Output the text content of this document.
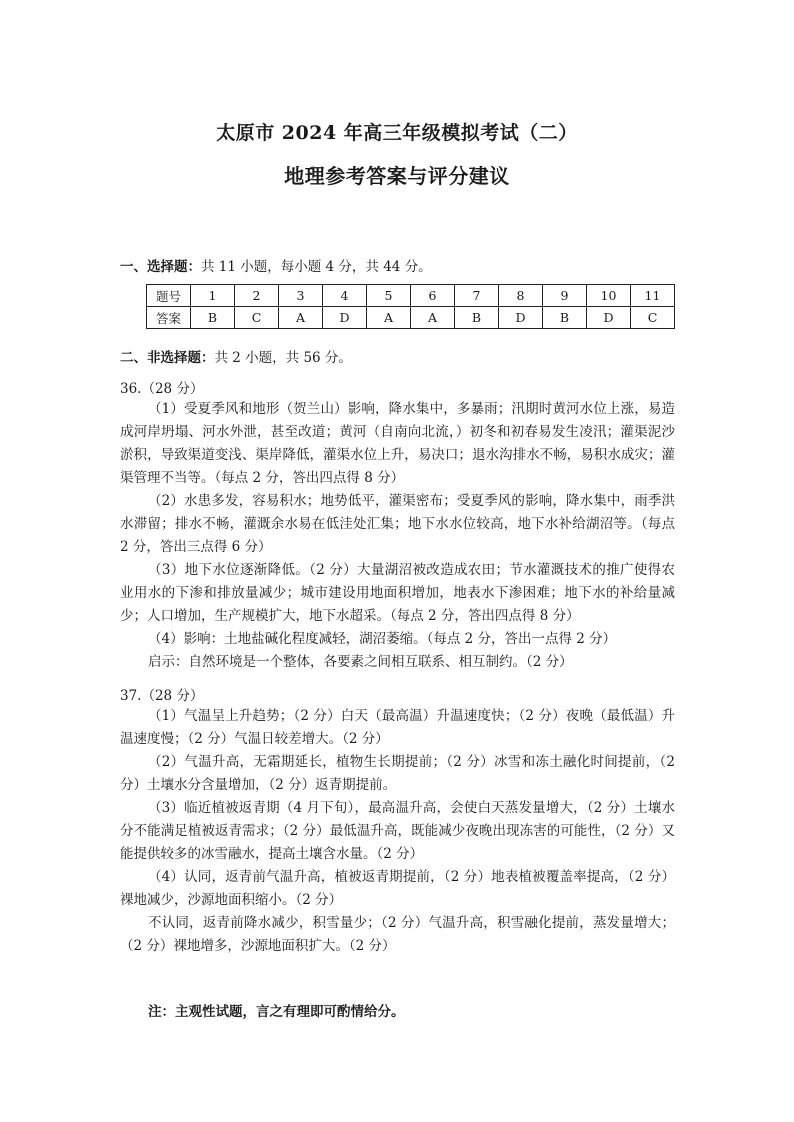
太原市 2024 年高三年级模拟考试（二）
地理参考答案与评分建议
一、选择题：共 11 小题，每小题 4 分，共 44 分。
题号	1	2	3	4	5	6	7	8	9	10	11
答案	B	C	A	D	A	A	B	D	B	D	C
二、非选择题：共 2 小题，共 56 分。
36.（28 分）
（1）受夏季风和地形（贺兰山）影响，降水集中，多暴雨；汛期时黄河水位上涨，易造成河岸坍塌、河水外泄，甚至改道；黄河（自南向北流，）初冬和初春易发生凌汛；灌渠泥沙淤积，导致渠道变浅、渠岸降低，灌渠水位上升，易决口；退水沟排水不畅，易积水成灾；灌渠管理不当等。（每点 2 分，答出四点得 8 分）
（2）水患多发，容易积水；地势低平，灌渠密布；受夏季风的影响，降水集中，雨季洪水滞留；排水不畅，灌溉余水易在低洼处汇集；地下水水位较高，地下水补给湖沼等。（每点 2 分，答出三点得 6 分）
（3）地下水位逐渐降低。（2 分）大量湖沼被改造成农田；节水灌溉技术的推广使得农业用水的下渗和排放量减少；城市建设用地面积增加，地表水下渗困难；地下水的补给量减少；人口增加，生产规模扩大，地下水超采。（每点 2 分，答出四点得 8 分）
（4）影响：土地盐碱化程度减轻，湖沼萎缩。（每点 2 分，答出一点得 2 分）
启示：自然环境是一个整体，各要素之间相互联系、相互制约。（2 分）
37.（28 分）
（1）气温呈上升趋势；（2 分）白天（最高温）升温速度快；（2 分）夜晚（最低温）升温速度慢；（2 分）气温日较差增大。（2 分）
（2）气温升高，无霜期延长，植物生长期提前；（2 分）冰雪和冻土融化时间提前，（2 分）土壤水分含量增加，（2 分）返青期提前。
（3）临近植被返青期（4 月下旬），最高温升高，会使白天蒸发量增大，（2 分）土壤水分不能满足植被返青需求；（2 分）最低温升高，既能减少夜晚出现冻害的可能性，（2 分）又能提供较多的冰雪融水，提高土壤含水量。（2 分）
（4）认同，返青前气温升高，植被返青期提前，（2 分）地表植被覆盖率提高，（2 分）裸地减少，沙源地面积缩小。（2 分）
不认同，返青前降水减少，积雪量少；（2 分）气温升高，积雪融化提前，蒸发量增大；（2 分）裸地增多，沙源地面积扩大。（2 分）
注：主观性试题，言之有理即可酌情给分。
